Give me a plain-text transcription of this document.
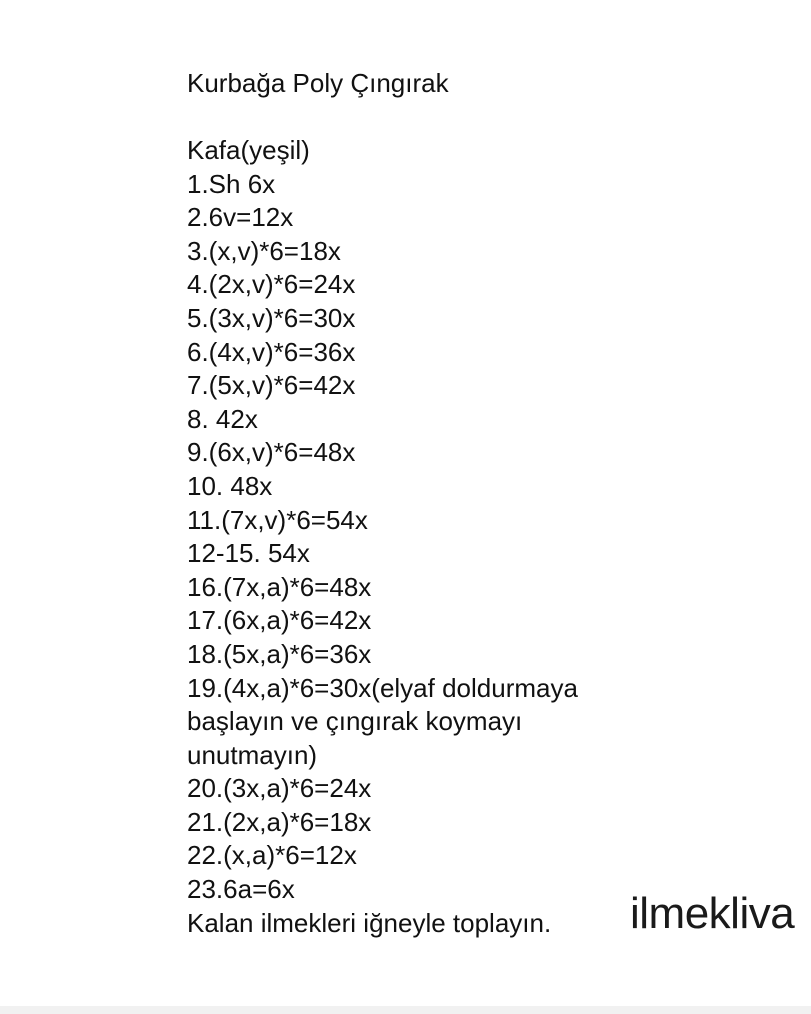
Kurbağa Poly Çıngırak
Kafa(yeşil)
1.Sh 6x
2.6v=12x
3.(x,v)*6=18x
4.(2x,v)*6=24x
5.(3x,v)*6=30x
6.(4x,v)*6=36x
7.(5x,v)*6=42x
8. 42x
9.(6x,v)*6=48x
10. 48x
11.(7x,v)*6=54x
12-15. 54x
16.(7x,a)*6=48x
17.(6x,a)*6=42x
18.(5x,a)*6=36x
19.(4x,a)*6=30x(elyaf doldurmaya
başlayın ve çıngırak koymayı
unutmayın)
20.(3x,a)*6=24x
21.(2x,a)*6=18x
22.(x,a)*6=12x
23.6a=6x
Kalan ilmekleri iğneyle toplayın.	ilmekliva
